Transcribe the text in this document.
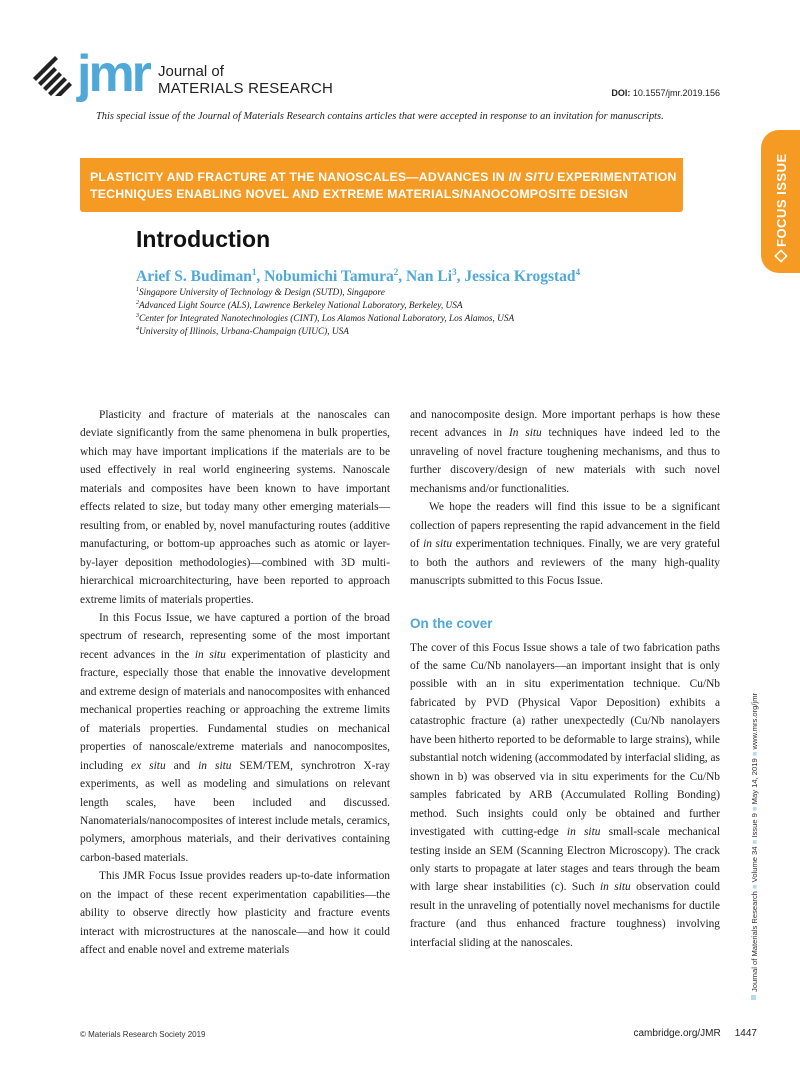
jmr Journal of
MATERIALS RESEARCH	DOI: 10.1557/jmr.2019.156
This special issue of the Journal of Materials Research contains articles that were accepted in response to an invitation for manuscripts.
PLASTICITY AND FRACTURE AT THE NANOSCALES—ADVANCES IN IN SITU EXPERIMENTATION
TECHNIQUES ENABLING NOVEL AND EXTREME MATERIALS/NANOCOMPOSITE DESIGN	FOCUS ISSUE
Introduction
Arief S. Budiman$^1$, Nobumichi Tamura$^2$, Nan Li$^3$, Jessica Krogstad$^4$
$^1$Singapore University of Technology & Design (SUTD), Singapore
$^2$Advanced Light Source (ALS), Lawrence Berkeley National Laboratory, Berkeley, USA
$^3$Center for Integrated Nanotechnologies (CINT), Los Alamos National Laboratory, Los Alamos, USA
$^4$University of Illinois, Urbana-Champaign (UIUC), USA

Plasticity and fracture of materials at the nanoscales can deviate significantly from the same phenomena in bulk properties, which may have important implications if the materials are to be used effectively in real world engineering systems. Nanoscale materials and composites have been known to have important effects related to size, but today many other emerging materials—resulting from, or enabled by, novel manufacturing routes (additive manufacturing, or bottom-up approaches such as atomic or layer-by-layer deposition methodologies)—combined with 3D multi-hierarchical microarchitecturing, have been reported to approach extreme limits of materials properties.

In this Focus Issue, we have captured a portion of the broad spectrum of research, representing some of the most important recent advances in the in situ experimentation of plasticity and fracture, especially those that enable the innovative development and extreme design of materials and nanocomposites with enhanced mechanical properties reaching or approaching the extreme limits of materials properties. Fundamental studies on mechanical properties of nanoscale/extreme materials and nanocomposites, including ex situ and in situ SEM/TEM, synchrotron X-ray experiments, as well as modeling and simulations on relevant length scales, have been included and discussed. Nanomaterials/nanocomposites of interest include metals, ceramics, polymers, amorphous materials, and their derivatives containing carbon-based materials.

This JMR Focus Issue provides readers up-to-date information on the impact of these recent experimentation capabilities—the ability to observe directly how plasticity and fracture events interact with microstructures at the nanoscale—and how it could affect and enable novel and extreme materials

and nanocomposite design. More important perhaps is how these recent advances in In situ techniques have indeed led to the unraveling of novel fracture toughening mechanisms, and thus to further discovery/design of new materials with such novel mechanisms and/or functionalities.

We hope the readers will find this issue to be a significant collection of papers representing the rapid advancement in the field of in situ experimentation techniques. Finally, we are very grateful to both the authors and reviewers of the many high-quality manuscripts submitted to this Focus Issue.

On the cover

The cover of this Focus Issue shows a tale of two fabrication paths of the same Cu/Nb nanolayers—an important insight that is only possible with an in situ experimentation technique. Cu/Nb fabricated by PVD (Physical Vapor Deposition) exhibits a catastrophic fracture (a) rather unexpectedly (Cu/Nb nanolayers have been hitherto reported to be deformable to large strains), while substantial notch widening (accommodated by interfacial sliding, as shown in b) was observed via in situ experiments for the Cu/Nb samples fabricated by ARB (Accumulated Rolling Bonding) method. Such insights could only be obtained and further investigated with cutting-edge in situ small-scale mechanical testing inside an SEM (Scanning Electron Microscopy). The crack only starts to propagate at later stages and tears through the beam with large shear instabilities (c). Such in situ observation could result in the unraveling of potentially novel mechanisms for ductile fracture (and thus enhanced fracture toughness) involving interfacial sliding at the nanoscales.	Journal of Materials Research ■ Volume 34 ■ Issue 9 ■ May 14, 2019 ■ www.mrs.org/jmr
© Materials Research Society 2019	cambridge.org/JMR 1447
